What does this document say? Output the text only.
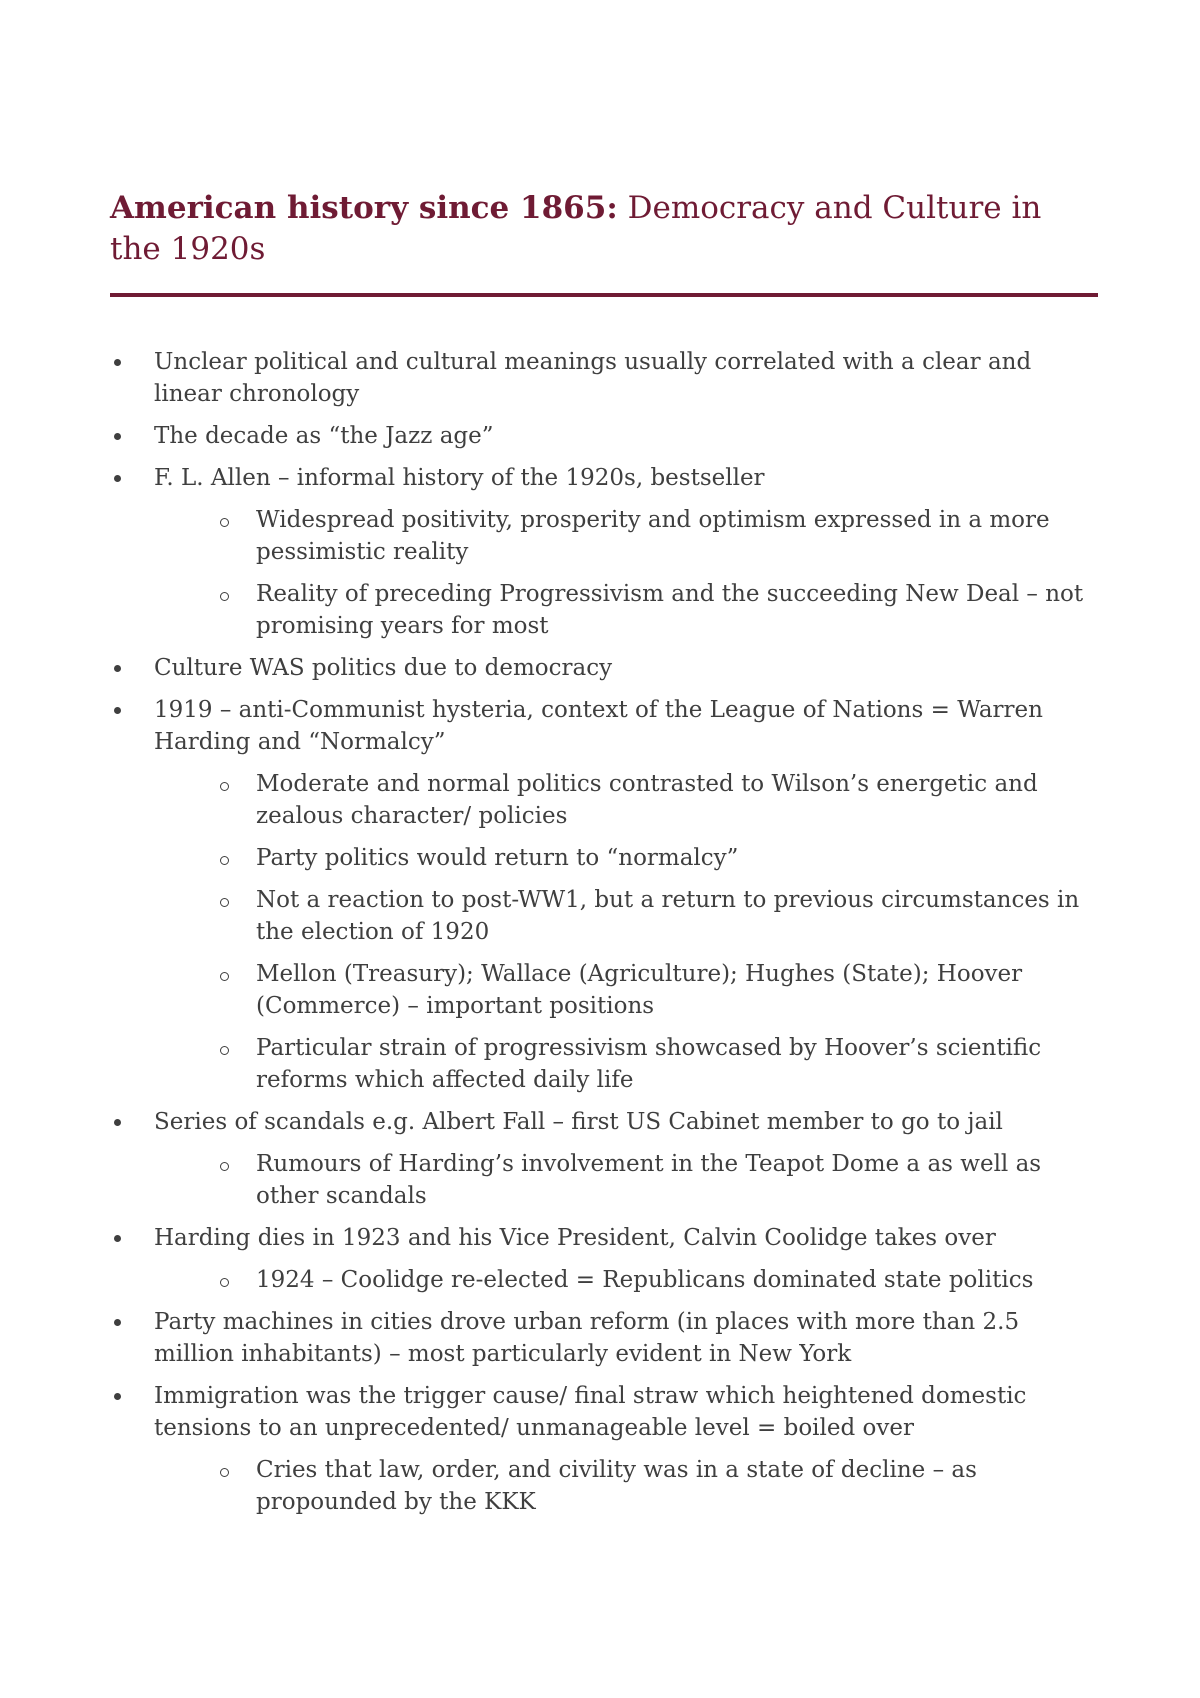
American history since 1865: Democracy and Culture in the 1920s
Unclear political and cultural meanings usually correlated with a clear and linear chronology
The decade as “the Jazz age”
F. L. Allen – informal history of the 1920s, bestseller
Widespread positivity, prosperity and optimism expressed in a more pessimistic reality
Reality of preceding Progressivism and the succeeding New Deal – not promising years for most
Culture WAS politics due to democracy
1919 – anti-Communist hysteria, context of the League of Nations = Warren Harding and “Normalcy”
Moderate and normal politics contrasted to Wilson’s energetic and zealous character/ policies
Party politics would return to “normalcy”
Not a reaction to post-WW1, but a return to previous circumstances in the election of 1920
Mellon (Treasury); Wallace (Agriculture); Hughes (State); Hoover (Commerce) – important positions
Particular strain of progressivism showcased by Hoover’s scientific reforms which affected daily life
Series of scandals e.g. Albert Fall – first US Cabinet member to go to jail
Rumours of Harding’s involvement in the Teapot Dome a as well as other scandals
Harding dies in 1923 and his Vice President, Calvin Coolidge takes over
1924 – Coolidge re-elected = Republicans dominated state politics
Party machines in cities drove urban reform (in places with more than 2.5 million inhabitants) – most particularly evident in New York
Immigration was the trigger cause/ final straw which heightened domestic tensions to an unprecedented/ unmanageable level = boiled over
Cries that law, order, and civility was in a state of decline – as propounded by the KKK
